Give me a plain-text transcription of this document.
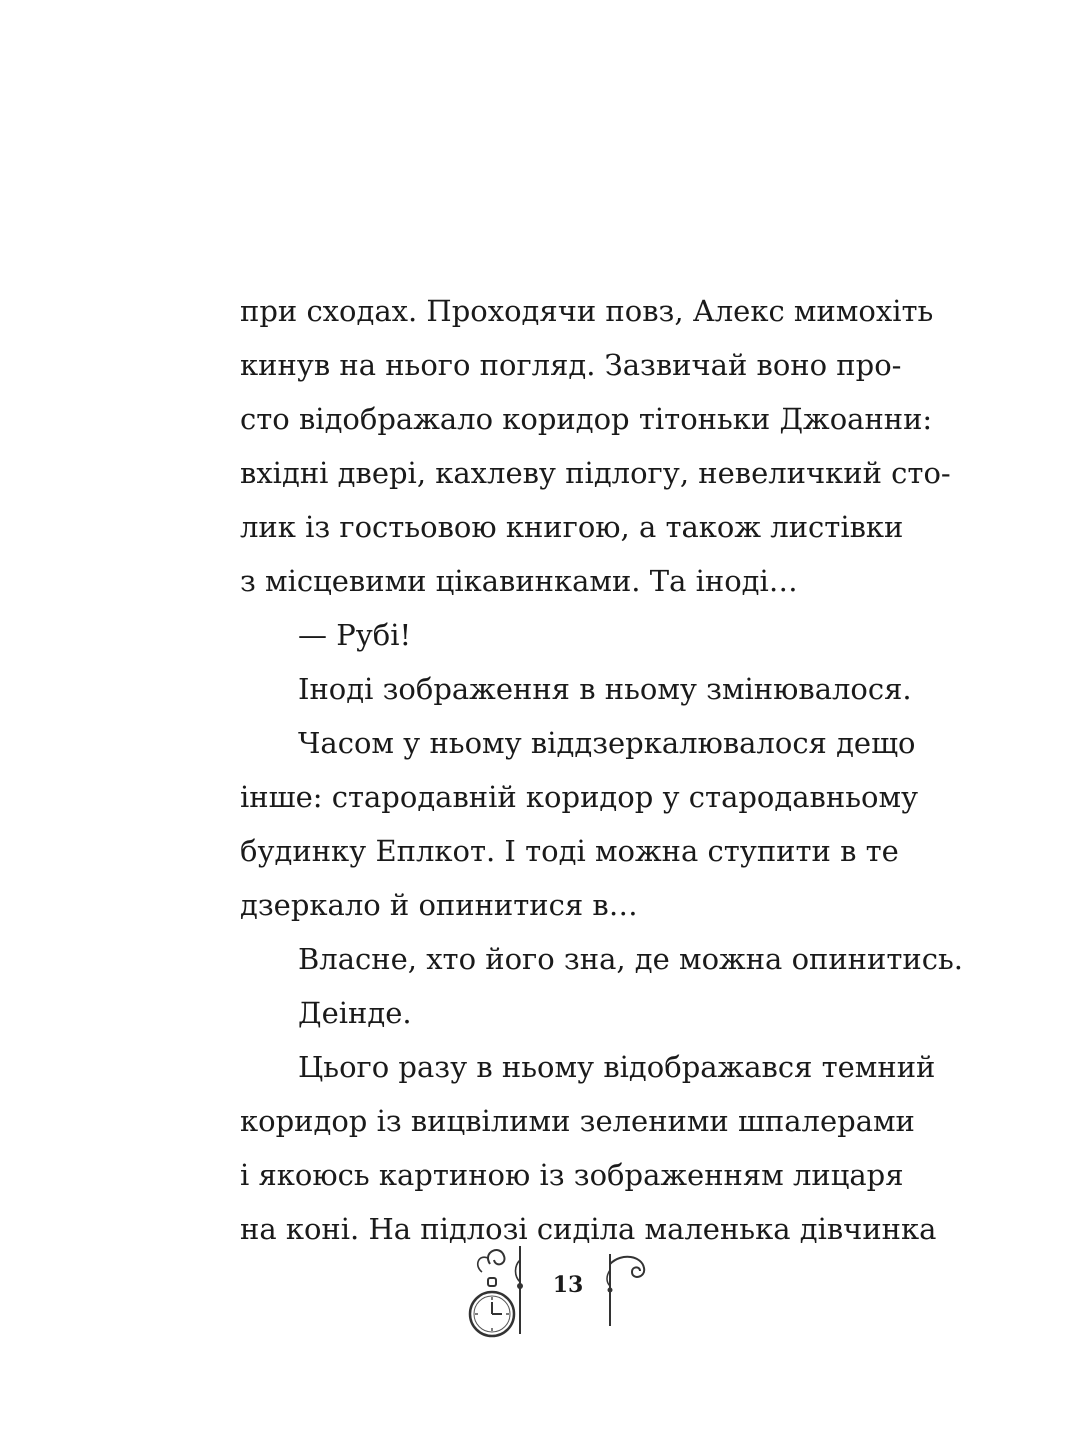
при сходах. Проходячи повз, Алекс мимохіть
кинув на нього погляд. Зазвичай воно про-
сто відображало коридор тітоньки Джоанни:
вхідні двері, кахлеву підлогу, невеличкий сто-
лик із гостьовою книгою, а також листівки
з місцевими цікавинками. Та іноді…
— Рубі!
Іноді зображення в ньому змінювалося.
Часом у ньому віддзеркалювалося дещо
інше: стародавній коридор у стародавньому
будинку Еплкот. І тоді можна ступити в те
дзеркало й опинитися в…
Власне, хто його зна, де можна опинитись.
Деінде.
Цього разу в ньому відображався темний
коридор із вицвілими зеленими шпалерами
і якоюсь картиною із зображенням лицаря
на коні. На підлозі сиділа маленька дівчинка
13
